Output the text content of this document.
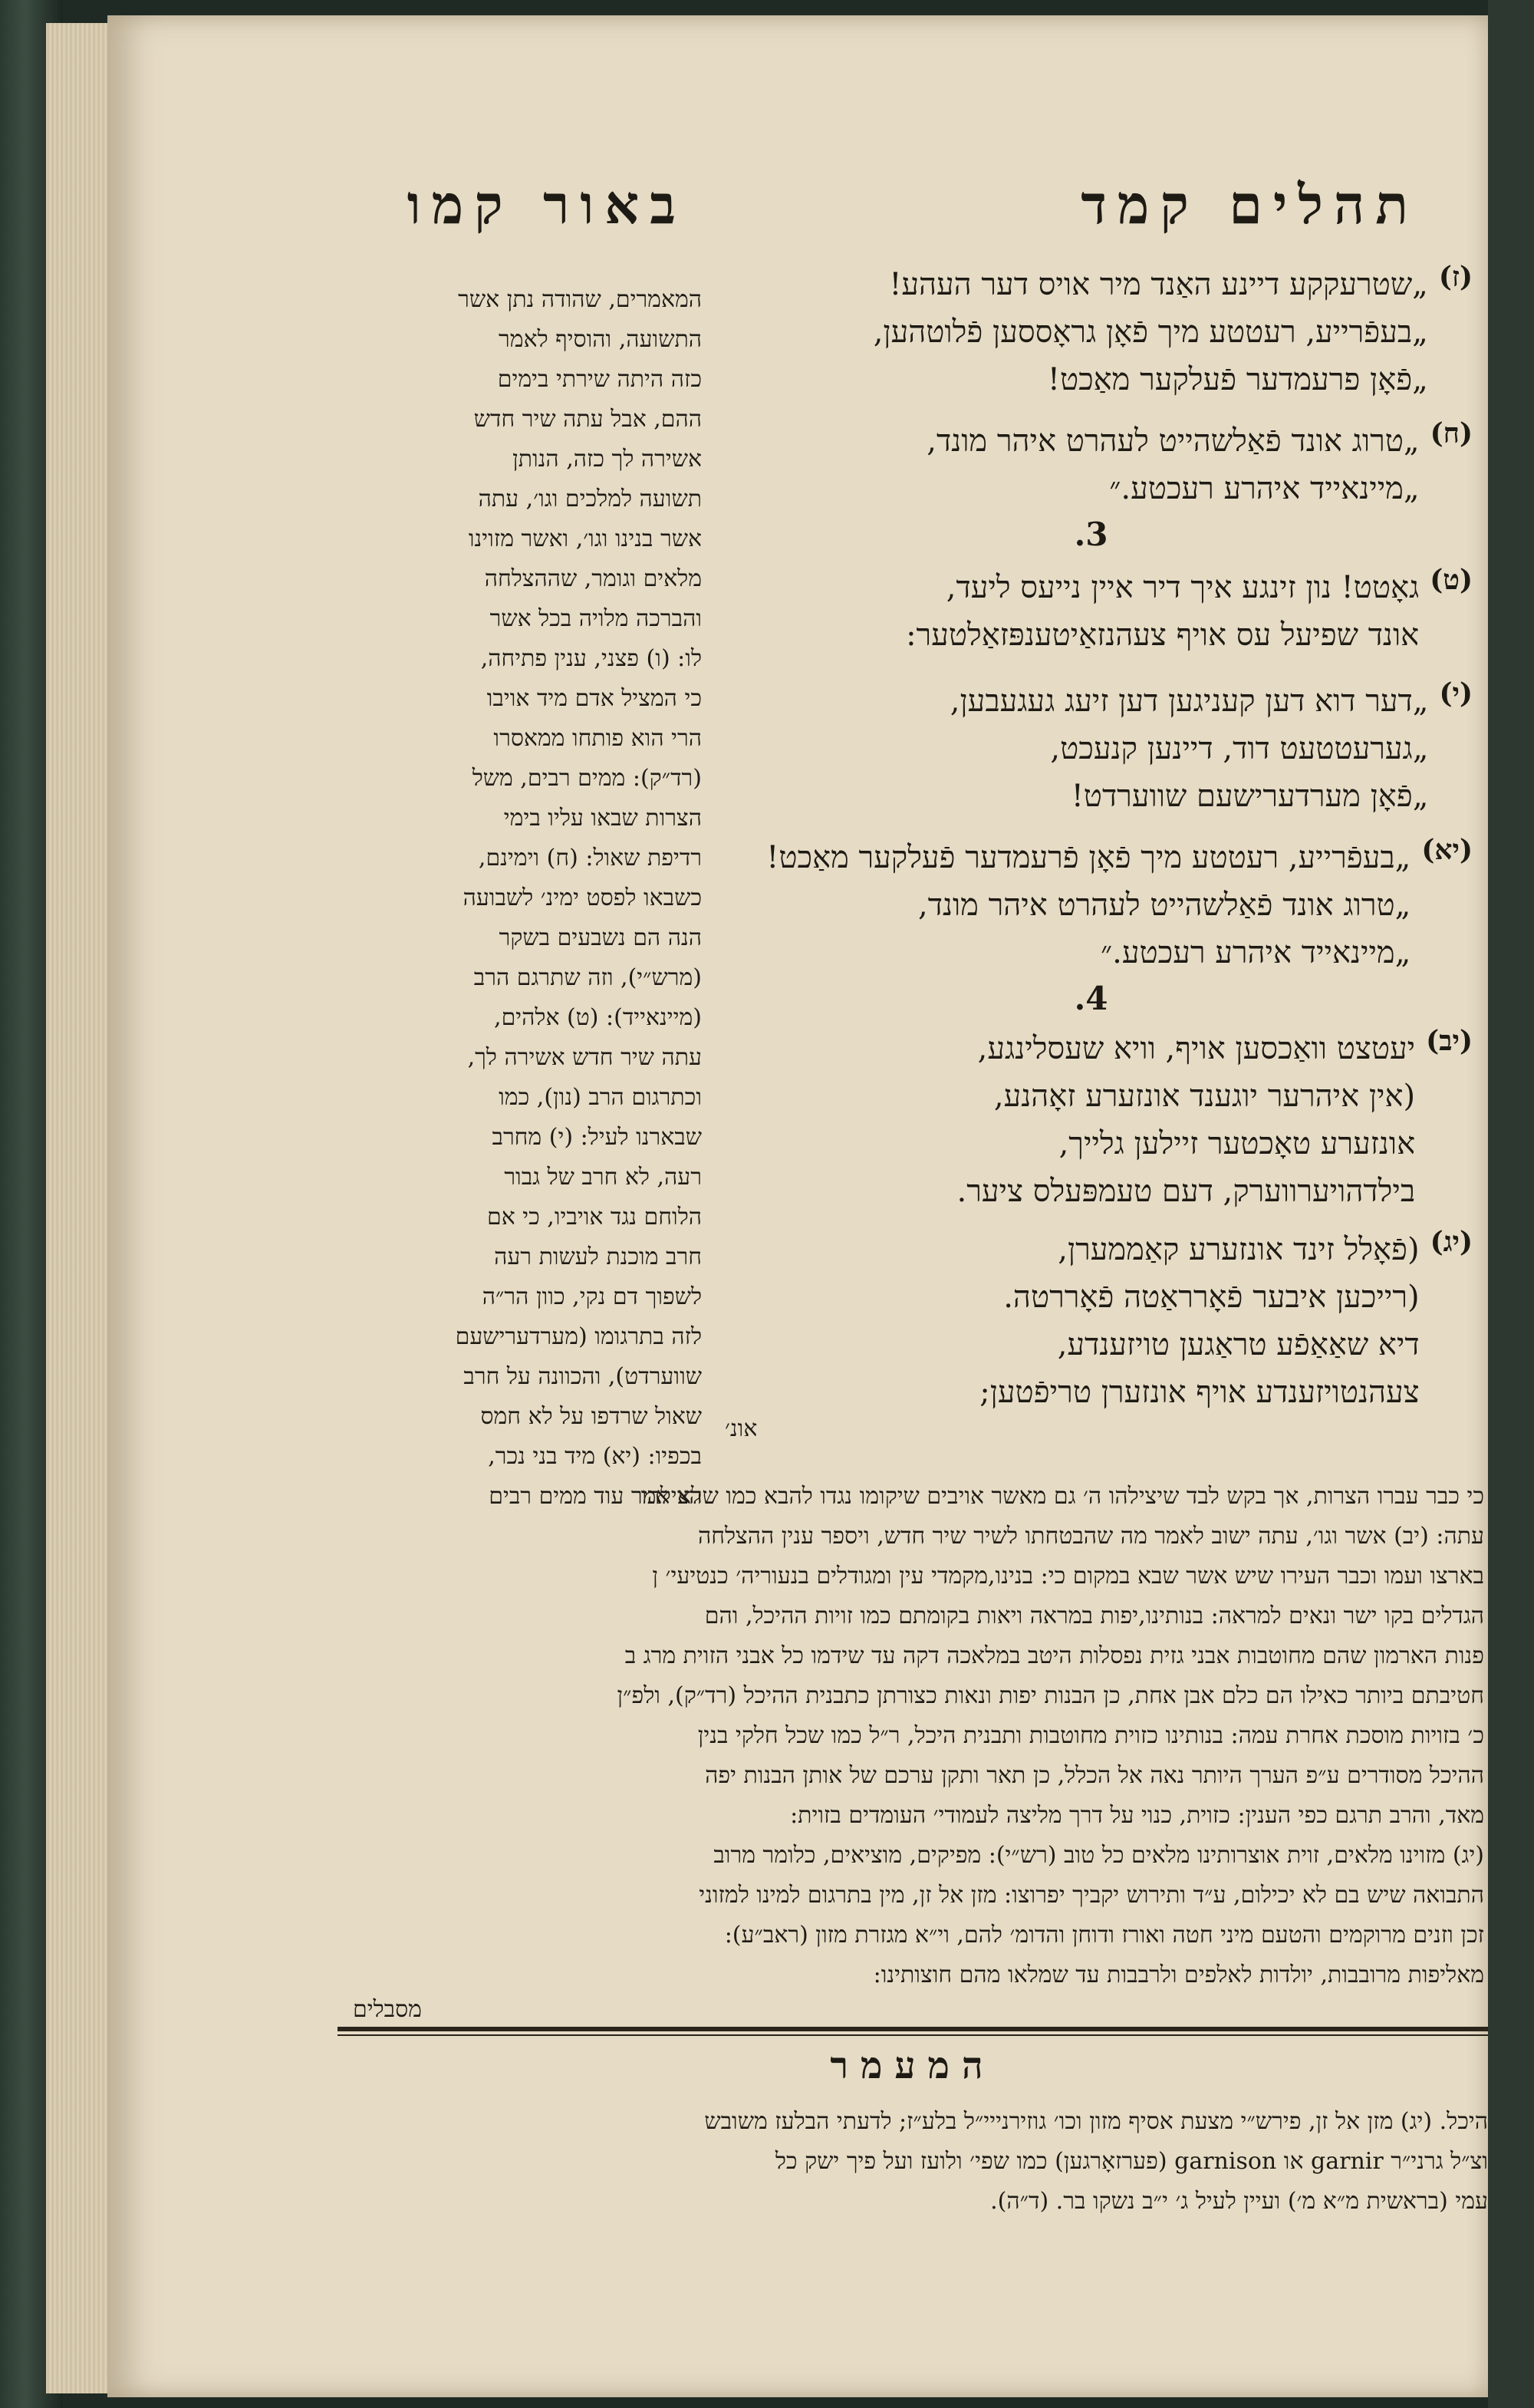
תהלים קמד
באור קמו
(ז)
„שטרעקקע דיינע האַנד מיר אויס דער העהע!
„בעפֿרייע, רעטטע מיך פֿאָן גראָססען פֿלוטהען,
„פֿאָן פרעמדער פֿעלקער מאַכט!
(ח)
„טרוג אונד פֿאַלשהייט לעהרט איהר מונד,
„מיינאייד איהרע רעכטע.״
3.
(ט)
גאָטט! נון זינגע איך דיר איין נייעס ליעד,
אונד שפיעל עס אויף צעהנזאַיטענפּזאַלטער:
(י)
„דער דוא דען קעניגען דען זיעג געגעבען,
„גערעטטעט דוד, דיינען קנעכט,
„פֿאָן מערדערישעם שווערדט!
(יא)
„בעפֿרייע, רעטטע מיך פֿאָן פֿרעמדער פֿעלקער מאַכט!
„טרוג אונד פֿאַלשהייט לעהרט איהר מונד,
„מיינאייד איהרע רעכטע.״
4.
(יב)
יעטצט וואַכסען אויף, וויא שעסלינגע,
(אין איהרער יוגענד אונזערע זאָהנע,
אונזערע טאָכטער זיילען גלייך,
בילדהויערווערק, דעם טעמפּעלס ציער.
(יג)
(פֿאָלל זינד אונזערע קאַממערן,
(רייכען איבער פֿאָרראַטה פֿאָררטה.
דיא שאַאַפֿע טראַגען טויזענדע,
צעהנטויזענדע אויף אונזערן טריפֿטען;
אונ׳
המאמרים, שהודה נתן אשר
התשועה, והוסיף לאמר
כזה היתה שירתי בימים
ההם, אבל עתה שיר חדש
אשירה לך כזה, הנותן
תשועה למלכים וגו׳, עתה
אשר בנינו וגו׳, ואשר מזוינו
מלאים וגומר, שההצלחה
והברכה מלויה בכל אשר
לו: (ו) פצני, ענין פתיחה,
כי המציל אדם מיד אויבו
הרי הוא פותחו ממאסרו
(רד״ק): ממים רבים, משל
הצרות שבאו עליו בימי
רדיפת שאול: (ח) וימינם,
כשבאו לפסט ימינ׳ לשבועה
הנה הם נשבעים בשקר
(מרש״י), וזה שתרגם הרב
(מיינאייד): (ט) אלהים,
עתה שיר חדש אשירה לך,
וכתרגום הרב (נון), כמו
שבארנו לעיל: (י) מחרב
רעה, לא חרב של גבור
הלוחם נגד אויביו, כי אם
חרב מוכנת לעשות רעה
לשפוך דם נקי, כוון הר״ה
לזה בתרגומו (מערדערישעם
שווערדט), והכוונה על חרב
שאול שרדפו על לא חמס
בכפיו: (יא) מיד בני נכר,
לא אמר עוד ממים רבים
כי כבר עברו הצרות, אך בקש לבד שיצילהו ה׳ גם מאשר אויבים שיקומו נגדו להבא כמו שהצילהו
עתה: (יב) אשר וגו׳, עתה ישוב לאמר מה שהבטחתו לשיר שיר חדש, ויספר ענין ההצלחה
בארצו ועמו וכבר העירו שיש אשר שבא במקום כי: בנינו,מקמדי עין ומגודלים בנעוריה׳ כנטיעי׳ ן
הגדלים בקו ישר ונאים למראה: בנותינו,יפות במראה ויאות בקומתם כמו זויות ההיכל, והם
פנות הארמון שהם מחוטבות אבני גזית נפסלות היטב במלאכה דקה עד שידמו כל אבני הזוית מרג ב
חטיבתם ביותר כאילו הם כלם אבן אחת, כן הבנות יפות ונאות כצורתן כתבנית ההיכל (רד״ק), ולפ״ן
כ׳ בזויות מוסכת אחרת עמה: בנותינו כזוית מחוטבות ותבנית היכל, ר״ל כמו שכל חלקי בנין
ההיכל מסודרים ע״פ הערך היותר נאה אל הכלל, כן תאר ותקן ערכם של אותן הבנות יפה
מאד, והרב תרגם כפי הענין: כזוית, כנוי על דרך מליצה לעמודי׳ העומדים בזוית:
(יג) מזוינו מלאים, זוית אוצרותינו מלאים כל טוב (רש״י): מפיקים, מוציאים, כלומר מרוב
התבואה שיש בם לא יכילום, ע״ד ותירוש יקביך יפרוצו: מזן אל זן, מין בתרגום למינו למזוני
זכן וזנים מרוקמים והטעם מיני חטה ואורז ודוחן והדומ׳ להם, וי״א מגזרת מזון (ראב״ע):
מאליפות מרובבות, יולדות לאלפים ולרבבות עד שמלאו מהם חוצותינו:
מסבלים
המעמר
היכל. (יג) מזן אל זן, פירש״י מצעת אסיף מזון וכו׳ גוזירנייי״ל בלע״ז; לדעתי הבלעז משובש
וצ״ל גרני״ר garnir או garnison (פערזאָרגען) כמו שפי׳ ולועז ועל פיך ישק כל
עמי (בראשית מ״א מ׳) ועיין לעיל ג׳ י״ב נשקו בר. (ד״ה).
